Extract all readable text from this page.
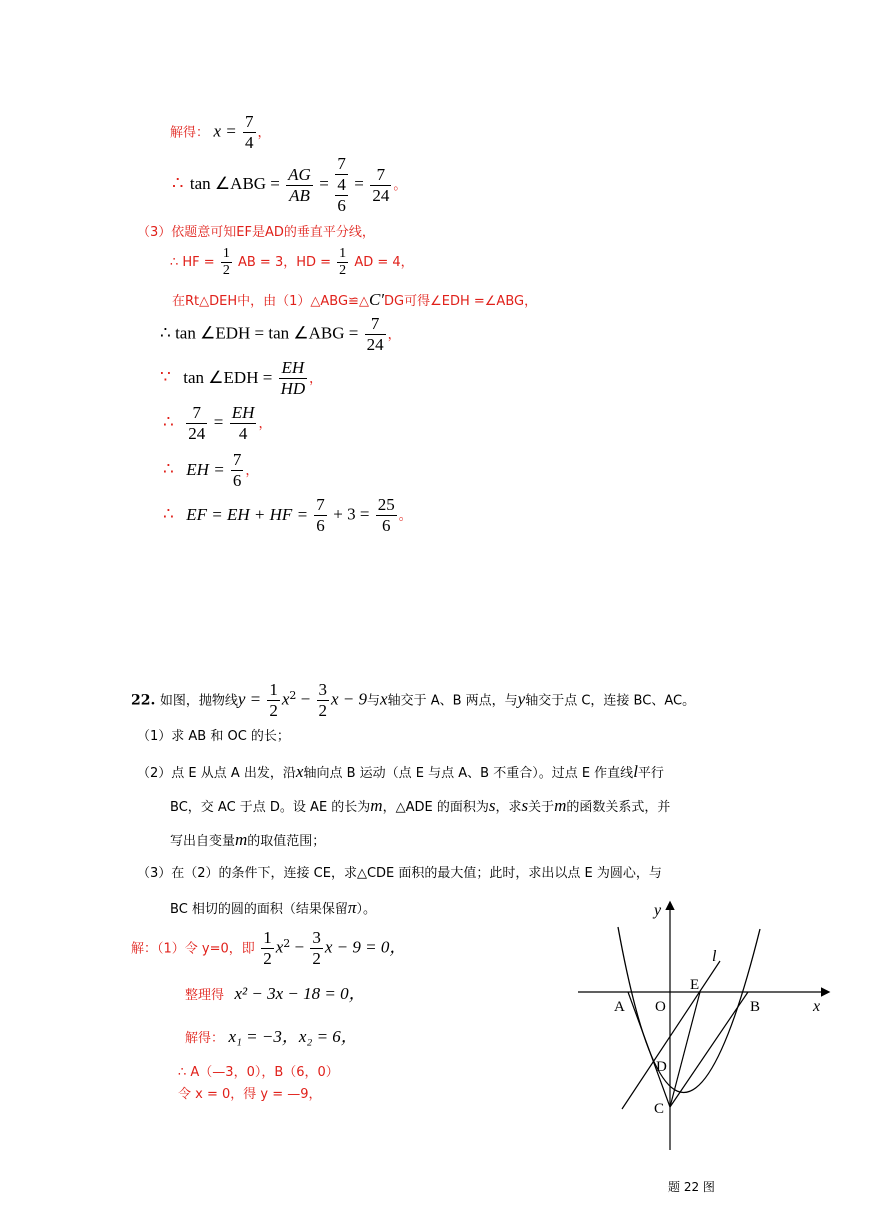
解得： $x = \frac{7}{4}$ ，
∴ tan ∠ABG = $\frac{AG}{AB} = \frac{\frac{7}{4}}{6} = \frac{7}{24}$ 。
（3）依题意可知EF是AD的垂直平分线，
∴ HF = $\frac{1}{2}$ AB = 3，HD = $\frac{1}{2}$ AD = 4，
在Rt△DEH中，由（1）△ABG≌△C′DG可得∠EDH =∠ABG，
∴ tan ∠EDH = tan ∠ABG = $\frac{7}{24}$ ，
∵ tan ∠EDH = $\frac{EH}{HD}$ ，
∴ $\frac{7}{24} = \frac{EH}{4}$ ，
∴ EH = $\frac{7}{6}$ ，
∴ EF = EH + HF = $\frac{7}{6} + 3 = \frac{25}{6}$ 。
22. 如图，抛物线$y = \frac{1}{2} x^2 - \frac{3}{2}$ x − 9与x轴交于 A、B 两点，与y轴交于点 C，连接 BC、AC。
（1）求 AB 和 OC 的长；
（2）点 E 从点 A 出发，沿x轴向点 B 运动（点 E 与点 A、B 不重合）。过点 E 作直线l平行
BC，交 AC 于点 D。设 AE 的长为m，△ADE 的面积为s，求s关于m的函数关系式，并
写出自变量m的取值范围；
（3）在（2）的条件下，连接 CE，求△CDE 面积的最大值；此时，求出以点 E 为圆心，与
BC 相切的圆的面积（结果保留π）。
解：（1）令 y=0，即 $\frac{1}{2} x^2 - \frac{3}{2}$ x − 9 = 0，
整理得 x² − 3x − 18 = 0，
解得： x₁ = −3，x₂ = 6，
∴ A（—3，0），B（6，0）
令 x = 0，得 y = —9，
y
x
l
A O
E
B
D
C
题 22 图
